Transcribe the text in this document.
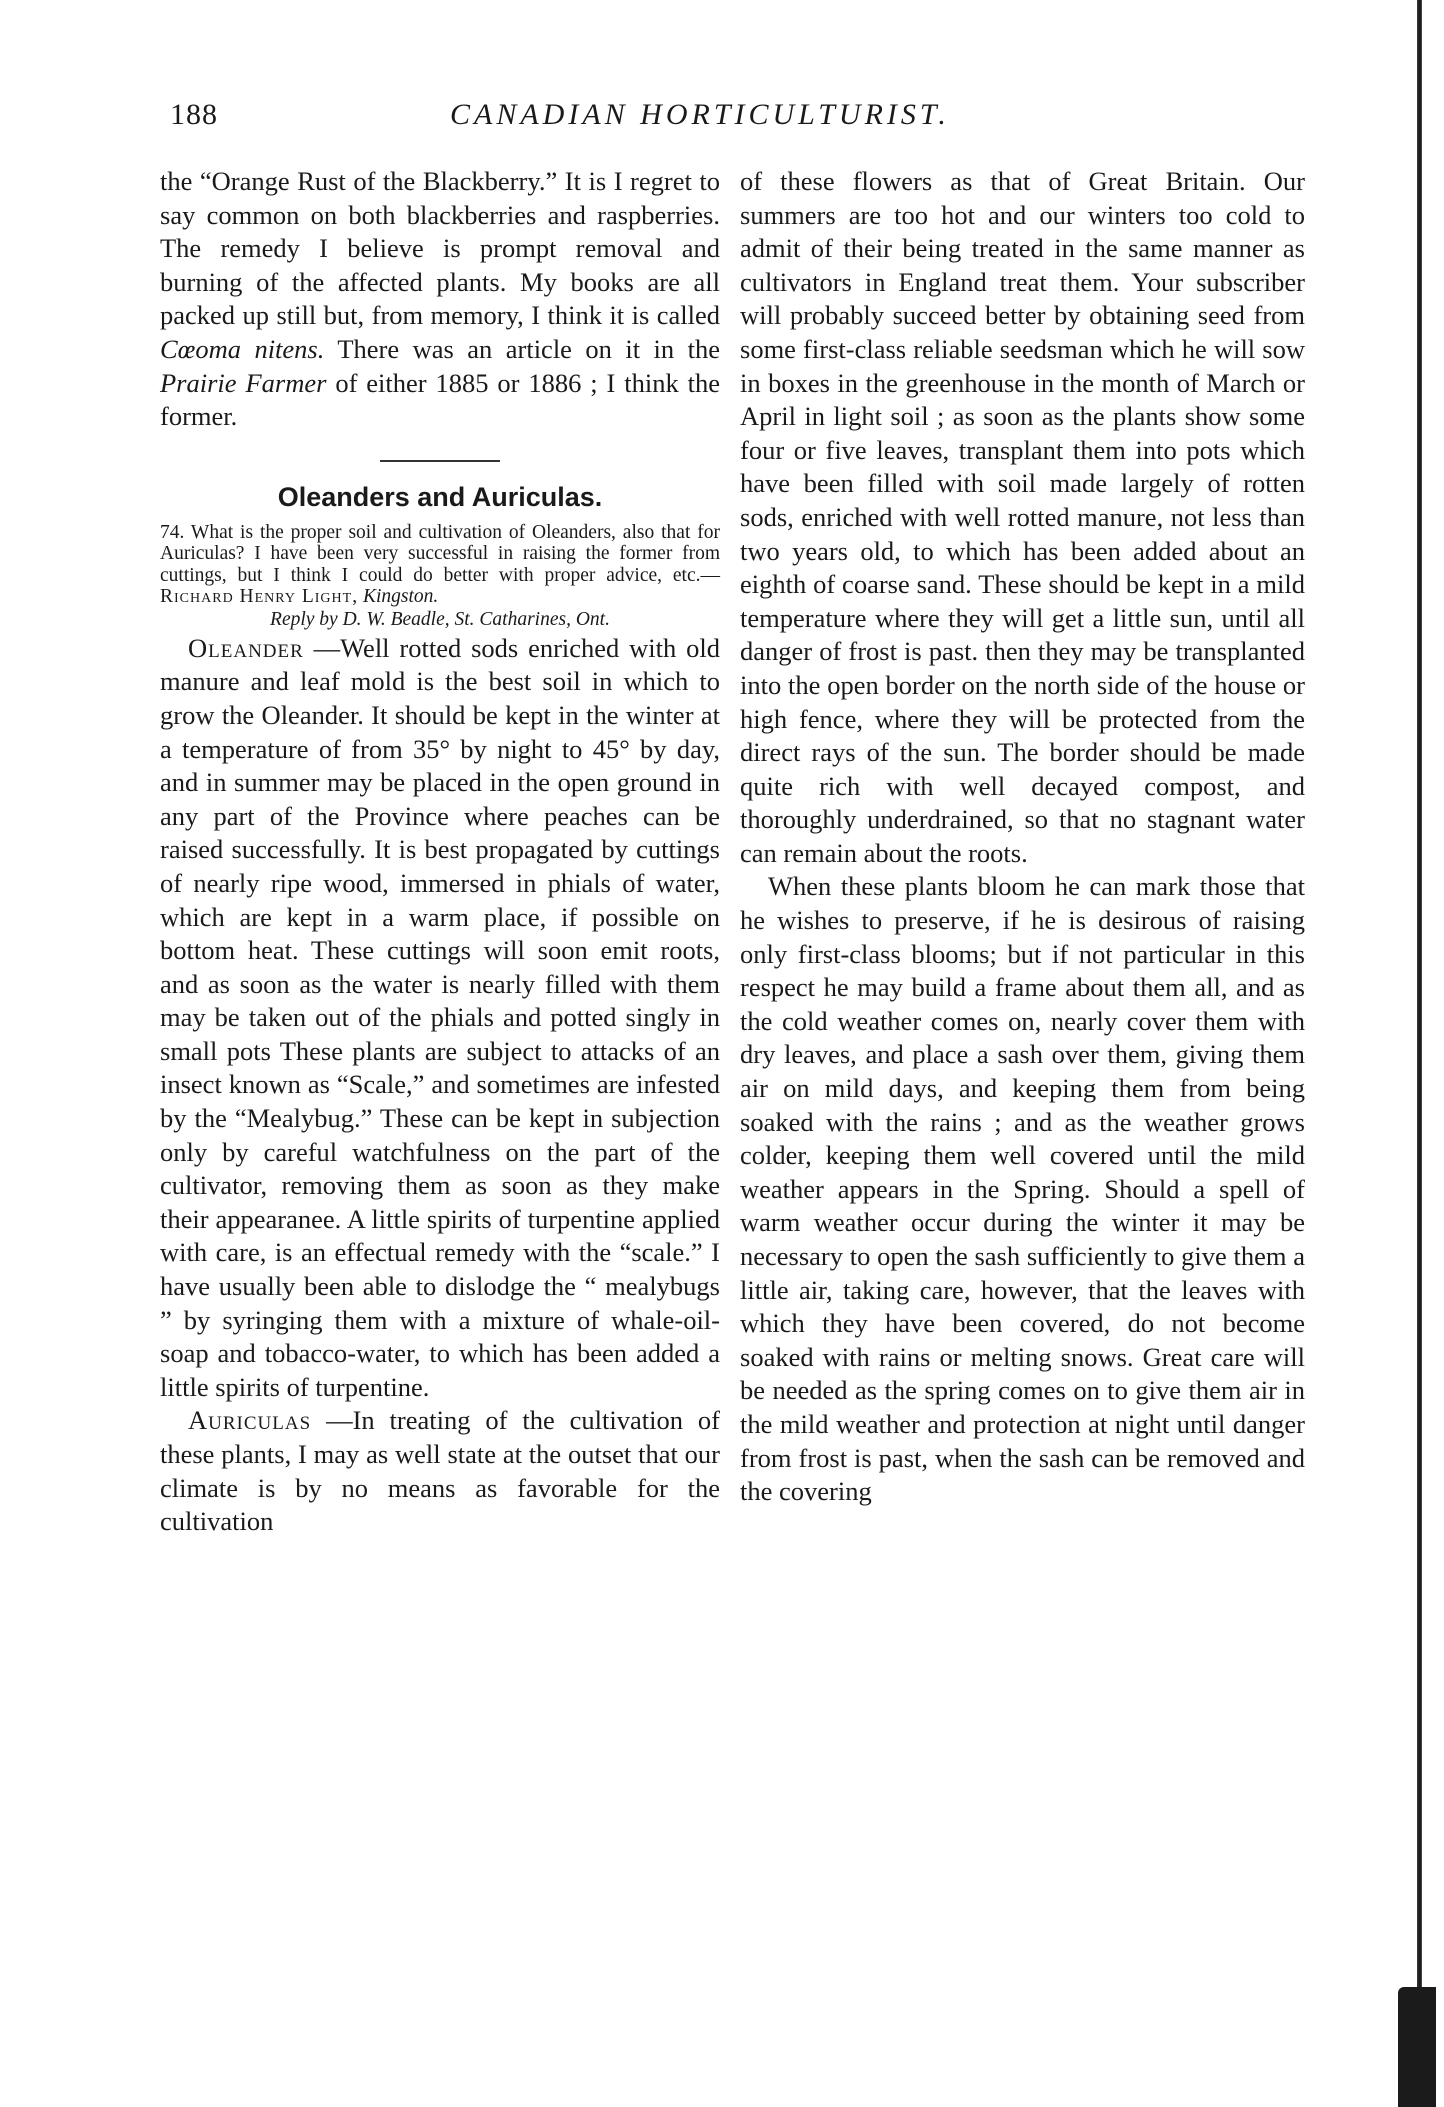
188	CANADIAN HORTICULTURIST.

the “Orange Rust of the Blackberry.” It is I regret to say common on both blackberries and raspberries. The remedy I believe is prompt removal and burning of the affected plants. My books are all packed up still but, from memory, I think it is called Cœoma nitens. There was an article on it in the Prairie Farmer of either 1885 or 1886 ; I think the former.

Oleanders and Auriculas.

74. What is the proper soil and cultivation of Oleanders, also that for Auriculas? I have been very successful in raising the former from cuttings, but I think I could do better with proper advice, etc.—Richard Henry Light, Kingston.

Reply by D. W. Beadle, St. Catharines, Ont.

Oleander —Well rotted sods enriched with old manure and leaf mold is the best soil in which to grow the Oleander. It should be kept in the winter at a temperature of from 35° by night to 45° by day, and in summer may be placed in the open ground in any part of the Province where peaches can be raised successfully. It is best propagated by cuttings of nearly ripe wood, immersed in phials of water, which are kept in a warm place, if possible on bottom heat. These cuttings will soon emit roots, and as soon as the water is nearly filled with them may be taken out of the phials and potted singly in small pots These plants are subject to attacks of an insect known as “Scale,” and sometimes are infested by the “Mealybug.” These can be kept in subjection only by careful watchfulness on the part of the cultivator, removing them as soon as they make their appearanee. A little spirits of turpentine applied with care, is an effectual remedy with the “scale.” I have usually been able to dislodge the “ mealybugs ” by syringing them with a mixture of whale-oil-soap and tobacco-water, to which has been added a little spirits of turpentine.

Auriculas —In treating of the cultivation of these plants, I may as well state at the outset that our climate is by no means as favorable for the cultivation

of these flowers as that of Great Britain. Our summers are too hot and our winters too cold to admit of their being treated in the same manner as cultivators in England treat them. Your subscriber will probably succeed better by obtaining seed from some first-class reliable seedsman which he will sow in boxes in the greenhouse in the month of March or April in light soil ; as soon as the plants show some four or five leaves, transplant them into pots which have been filled with soil made largely of rotten sods, enriched with well rotted manure, not less than two years old, to which has been added about an eighth of coarse sand. These should be kept in a mild temperature where they will get a little sun, until all danger of frost is past. then they may be transplanted into the open border on the north side of the house or high fence, where they will be protected from the direct rays of the sun. The border should be made quite rich with well decayed compost, and thoroughly underdrained, so that no stagnant water can remain about the roots.

When these plants bloom he can mark those that he wishes to preserve, if he is desirous of raising only first-class blooms; but if not particular in this respect he may build a frame about them all, and as the cold weather comes on, nearly cover them with dry leaves, and place a sash over them, giving them air on mild days, and keeping them from being soaked with the rains ; and as the weather grows colder, keeping them well covered until the mild weather appears in the Spring. Should a spell of warm weather occur during the winter it may be necessary to open the sash sufficiently to give them a little air, taking care, however, that the leaves with which they have been covered, do not become soaked with rains or melting snows. Great care will be needed as the spring comes on to give them air in the mild weather and protection at night until danger from frost is past, when the sash can be removed and the covering
